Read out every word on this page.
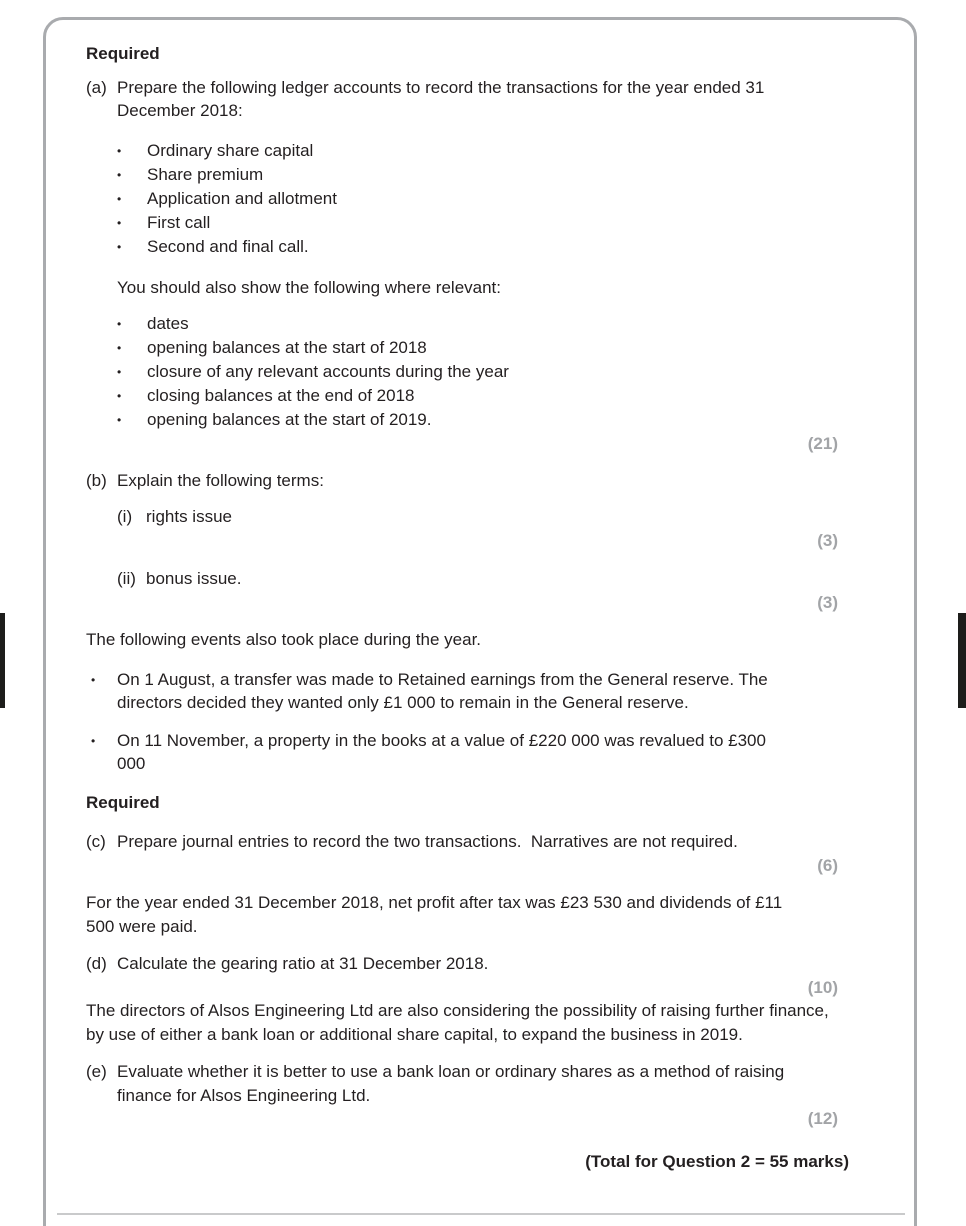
Required
(a) Prepare the following ledger accounts to record the transactions for the year ended 31 December 2018:
•	Ordinary share capital
•	Share premium
•	Application and allotment
•	First call
•	Second and final call.
You should also show the following where relevant:
•	dates
•	opening balances at the start of 2018
•	closure of any relevant accounts during the year
•	closing balances at the end of 2018
•	opening balances at the start of 2019.
(21)
(b) Explain the following terms:
(i) rights issue
(3)
(ii) bonus issue.
(3)
The following events also took place during the year.
•	On 1 August, a transfer was made to Retained earnings from the General reserve. The directors decided they wanted only £1 000 to remain in the General reserve.
•	On 11 November, a property in the books at a value of £220 000 was revalued to £300 000
Required
(c) Prepare journal entries to record the two transactions.  Narratives are not required.
(6)
For the year ended 31 December 2018, net profit after tax was £23 530 and dividends of £11 500 were paid.
(d) Calculate the gearing ratio at 31 December 2018.
(10)
The directors of Alsos Engineering Ltd are also considering the possibility of raising further finance, by use of either a bank loan or additional share capital, to expand the business in 2019.
(e) Evaluate whether it is better to use a bank loan or ordinary shares as a method of raising finance for Alsos Engineering Ltd.
(12)
(Total for Question 2 = 55 marks)
